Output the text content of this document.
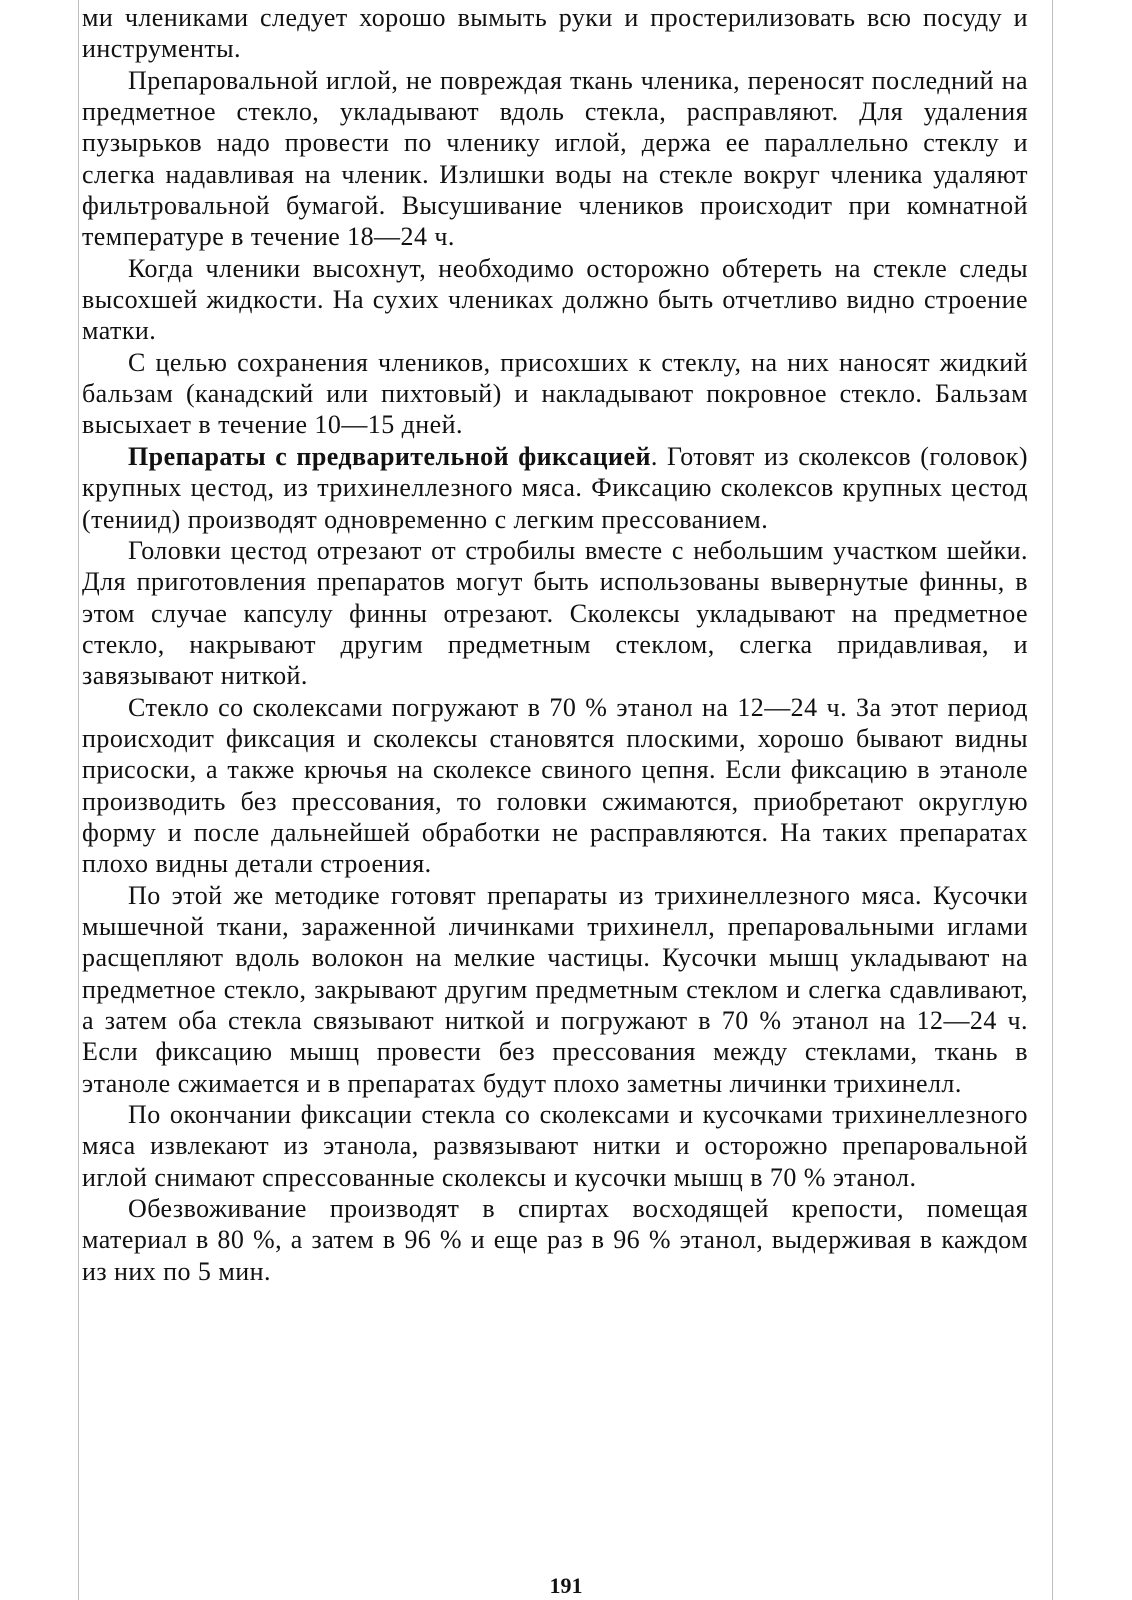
ми члениками следует хорошо вымыть руки и простерилизовать всю посуду и инструменты.

Препаровальной иглой, не повреждая ткань членика, переносят последний на предметное стекло, укладывают вдоль стекла, расправляют. Для удаления пузырьков надо провести по членику иглой, держа ее параллельно стеклу и слегка надавливая на членик. Излишки воды на стекле вокруг членика удаляют фильтровальной бумагой. Высушивание члеников происходит при комнатной температуре в течение 18—24 ч.

Когда членики высохнут, необходимо осторожно обтереть на стекле следы высохшей жидкости. На сухих члениках должно быть отчетливо видно строение матки.

С целью сохранения члеников, присохших к стеклу, на них наносят жидкий бальзам (канадский или пихтовый) и накладывают покровное стекло. Бальзам высыхает в течение 10—15 дней.

Препараты с предварительной фиксацией. Готовят из сколексов (головок) крупных цестод, из трихинеллезного мяса. Фиксацию сколексов крупных цестод (тениид) производят одновременно с легким прессованием.

Головки цестод отрезают от стробилы вместе с небольшим участком шейки. Для приготовления препаратов могут быть использованы вывернутые финны, в этом случае капсулу финны отрезают. Сколексы укладывают на предметное стекло, накрывают другим предметным стеклом, слегка придавливая, и завязывают ниткой.

Стекло со сколексами погружают в 70 % этанол на 12—24 ч. За этот период происходит фиксация и сколексы становятся плоскими, хорошо бывают видны присоски, а также крючья на сколексе свиного цепня. Если фиксацию в этаноле производить без прессования, то головки сжимаются, приобретают округлую форму и после дальнейшей обработки не расправляются. На таких препаратах плохо видны детали строения.

По этой же методике готовят препараты из трихинеллезного мяса. Кусочки мышечной ткани, зараженной личинками трихинелл, препаровальными иглами расщепляют вдоль волокон на мелкие частицы. Кусочки мышц укладывают на предметное стекло, закрывают другим предметным стеклом и слегка сдавливают, а затем оба стекла связывают ниткой и погружают в 70 % этанол на 12—24 ч. Если фиксацию мышц провести без прессования между стеклами, ткань в этаноле сжимается и в препаратах будут плохо заметны личинки трихинелл.

По окончании фиксации стекла со сколексами и кусочками трихинеллезного мяса извлекают из этанола, развязывают нитки и осторожно препаровальной иглой снимают спрессованные сколексы и кусочки мышц в 70 % этанол.

Обезвоживание производят в спиртах восходящей крепости, помещая материал в 80 %, а затем в 96 % и еще раз в 96 % этанол, выдерживая в каждом из них по 5 мин.

191
